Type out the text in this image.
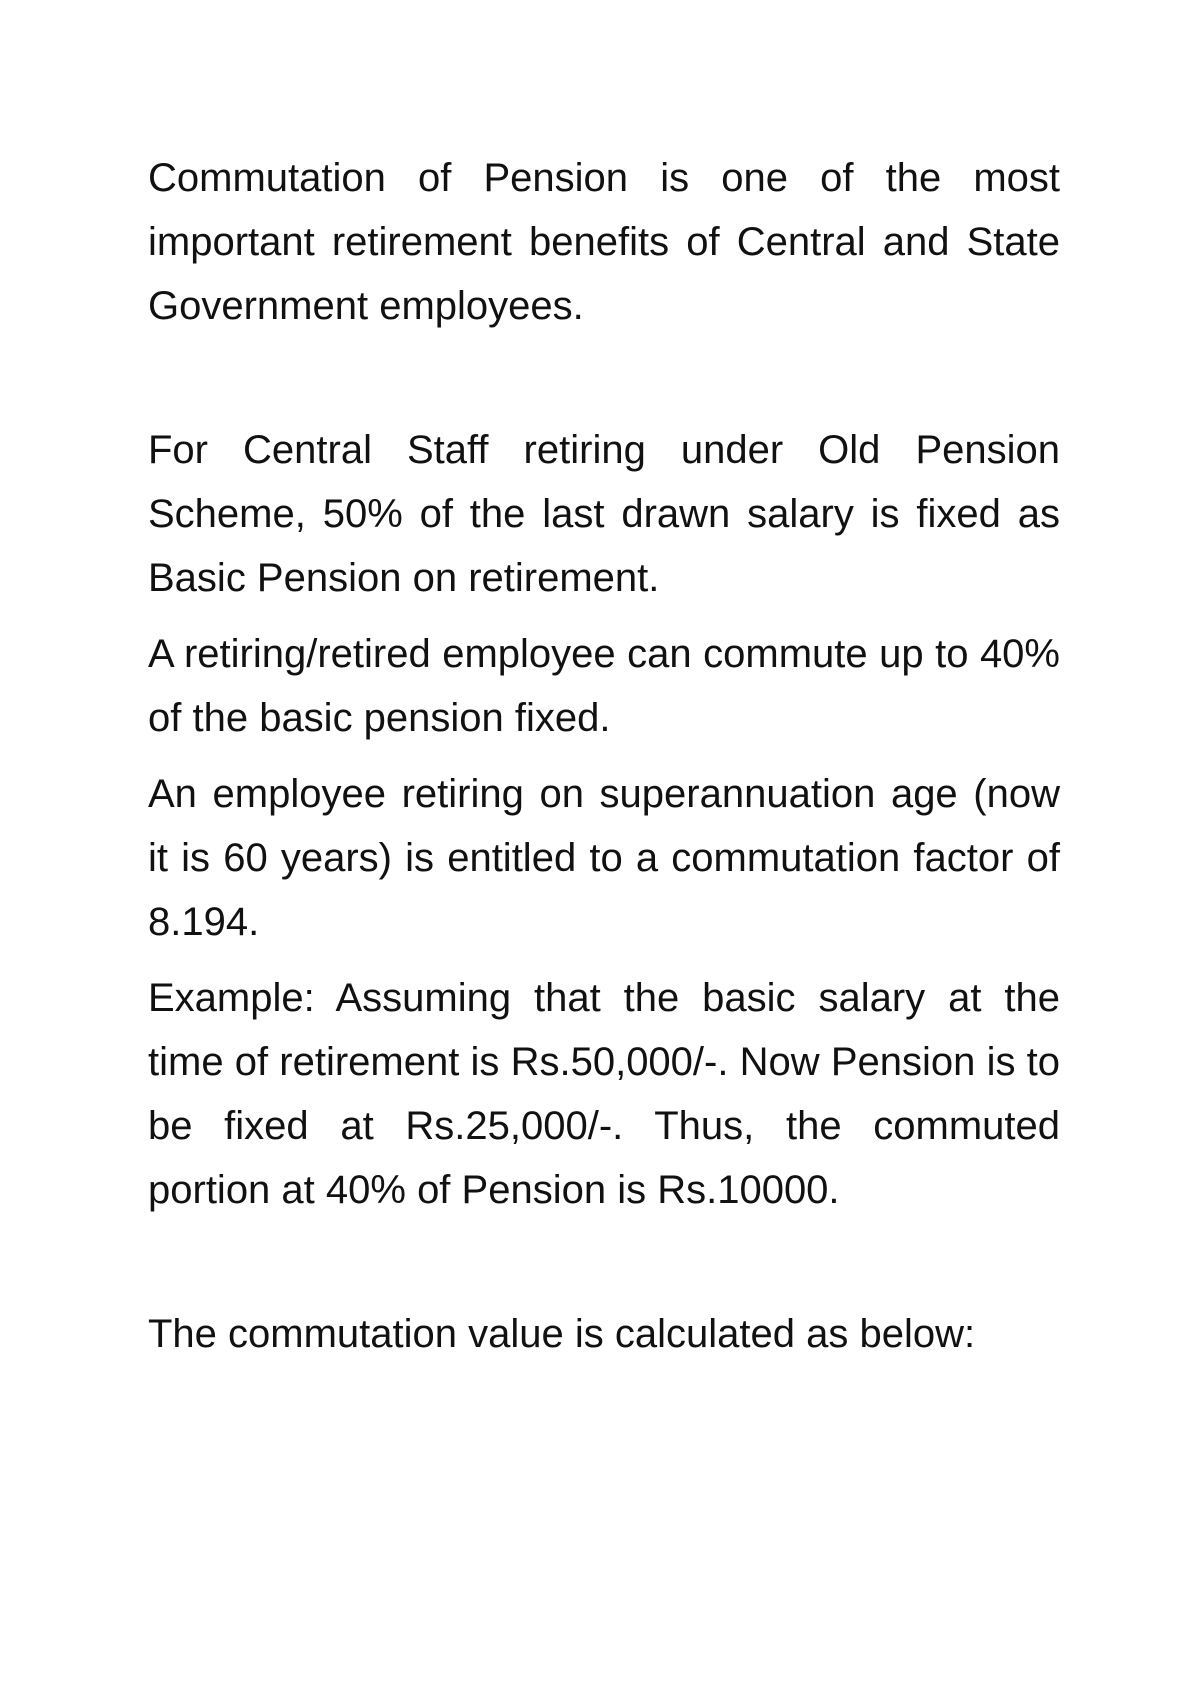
Commutation of Pension is one of the most important retirement benefits of Central and State Government employees.

For Central Staff retiring under Old Pension Scheme, 50% of the last drawn salary is fixed as Basic Pension on retirement.

A retiring/retired employee can commute up to 40% of the basic pension fixed.

An employee retiring on superannuation age (now it is 60 years) is entitled to a commutation factor of 8.194.

Example: Assuming that the basic salary at the time of retirement is Rs.50,000/-. Now Pension is to be fixed at Rs.25,000/-. Thus, the commuted portion at 40% of Pension is Rs.10000.

The commutation value is calculated as below:
